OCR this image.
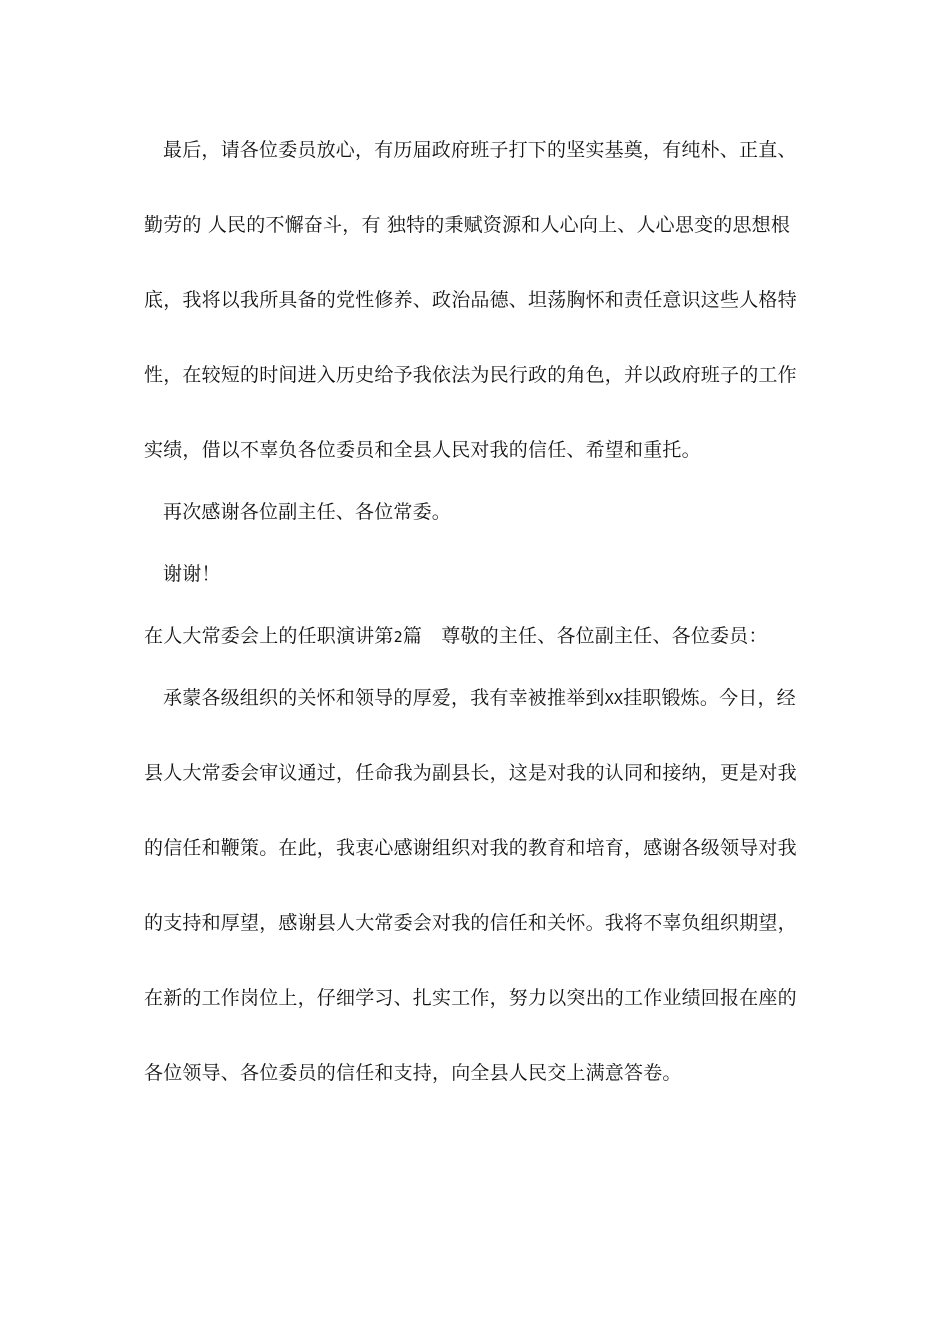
最后，请各位委员放心，有历届政府班子打下的坚实基奠，有纯朴、正直、
勤劳的 人民的不懈奋斗，有 独特的秉赋资源和人心向上、人心思变的思想根
底，我将以我所具备的党性修养、政治品德、坦荡胸怀和责任意识这些人格特
性，在较短的时间进入历史给予我依法为民行政的角色，并以政府班子的工作
实绩，借以不辜负各位委员和全县人民对我的信任、希望和重托。
再次感谢各位副主任、各位常委。
谢谢！
在人大常委会上的任职演讲第2篇　尊敬的主任、各位副主任、各位委员：
承蒙各级组织的关怀和领导的厚爱，我有幸被推举到XX挂职锻炼。今日，经
县人大常委会审议通过，任命我为副县长，这是对我的认同和接纳，更是对我
的信任和鞭策。在此，我衷心感谢组织对我的教育和培育，感谢各级领导对我
的支持和厚望，感谢县人大常委会对我的信任和关怀。我将不辜负组织期望，
在新的工作岗位上，仔细学习、扎实工作，努力以突出的工作业绩回报在座的
各位领导、各位委员的信任和支持，向全县人民交上满意答卷。
